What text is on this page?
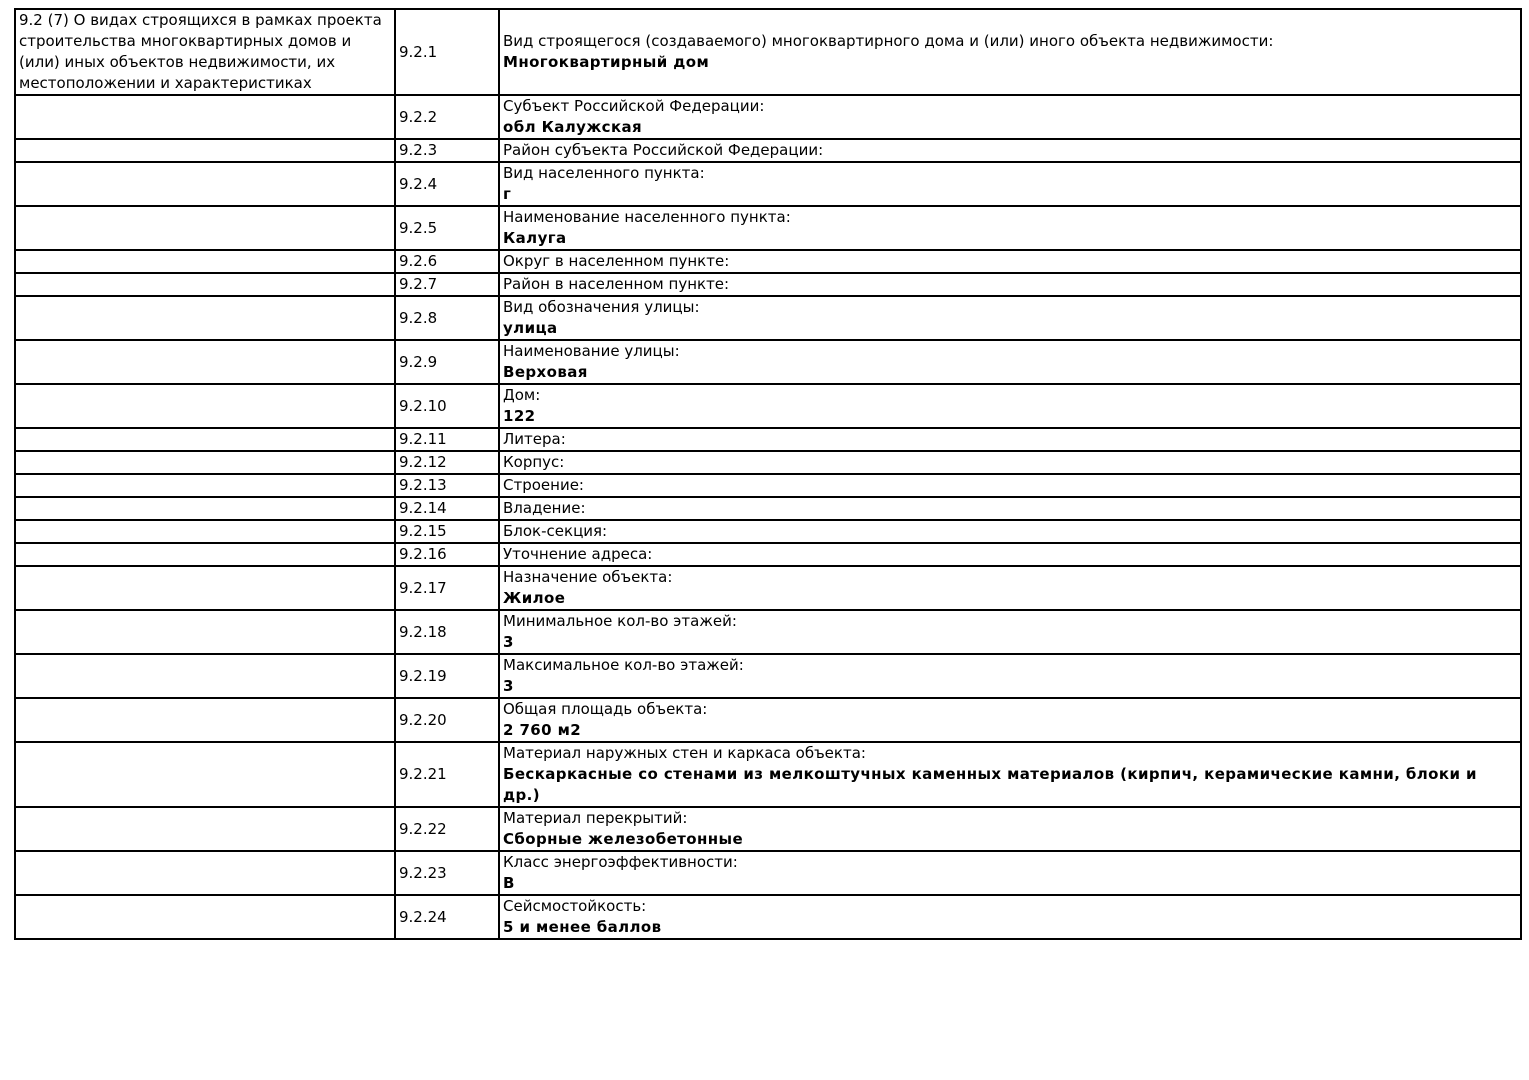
9.2 (7) О видах строящихся в рамках проекта строительства многоквартирных домов и (или) иных объектов недвижимости, их местоположении и характеристиках	9.2.1	Вид строящегося (создаваемого) многоквартирного дома и (или) иного объекта недвижимости:
Многоквартирный дом

	9.2.2	Субъект Российской Федерации:
обл Калужская

	9.2.3	Район субъекта Российской Федерации:

	9.2.4	Вид населенного пункта:
г

	9.2.5	Наименование населенного пункта:
Калуга

	9.2.6	Округ в населенном пункте:

	9.2.7	Район в населенном пункте:

	9.2.8	Вид обозначения улицы:
улица

	9.2.9	Наименование улицы:
Верховая

	9.2.10	Дом:
122

	9.2.11	Литера:

	9.2.12	Корпус:

	9.2.13	Строение:

	9.2.14	Владение:

	9.2.15	Блок-секция:

	9.2.16	Уточнение адреса:

	9.2.17	Назначение объекта:
Жилое

	9.2.18	Минимальное кол-во этажей:
3

	9.2.19	Максимальное кол-во этажей:
3

	9.2.20	Общая площадь объекта:
2 760 м2

	9.2.21	Материал наружных стен и каркаса объекта:
Бескаркасные со стенами из мелкоштучных каменных материалов (кирпич, керамические камни, блоки и др.)

	9.2.22	Материал перекрытий:
Сборные железобетонные

	9.2.23	Класс энергоэффективности:
В

	9.2.24	Сейсмостойкость:
5 и менее баллов
